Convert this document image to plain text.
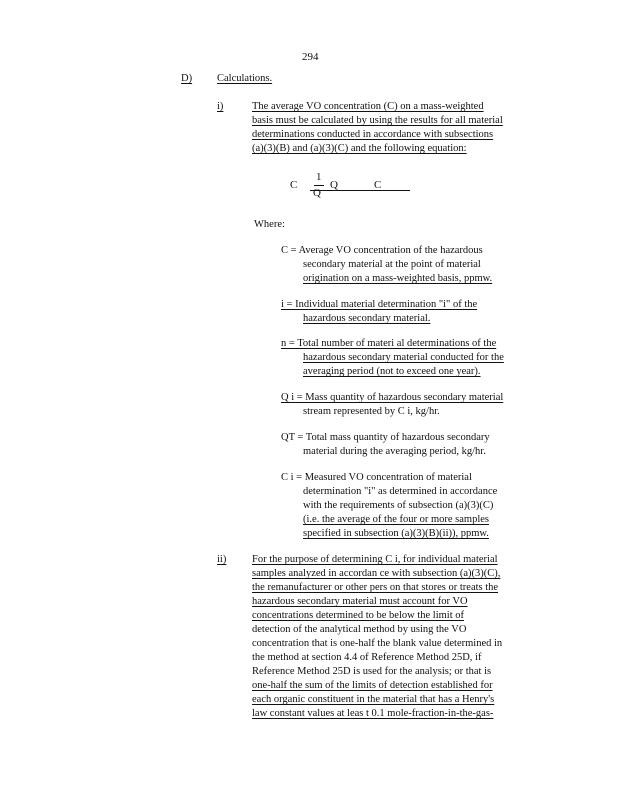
294
D) Calculations.
i)	The average VO concentration (C) on a mass-weighted

basis must be calculated by using the results for all material

determinations conducted in accordance with subsections

(a)(3)(B) and (a)(3)(C) and the following equation:

C
1
Q
Q	C
Where:
C = Average VO concentration of the hazardous
secondary material at the point of material
origination on a mass-weighted basis, ppmw.
i = Individual material determination "i" of the
hazardous secondary material.
n = Total number of materi al determinations of the
hazardous secondary material conducted for the
averaging period (not to exceed one year).
Q i = Mass quantity of hazardous secondary material
stream represented by C i, kg/hr.
QT = Total mass quantity of hazardous secondary
material during the averaging period, kg/hr.
C i = Measured VO concentration of material
determination "i" as determined in accordance
with the requirements of subsection (a)(3)(C)
(i.e. the average of the four or more samples
specified in subsection (a)(3)(B)(ii)), ppmw.
ii) For the purpose of determining C i, for individual material

samples analyzed in accordan ce with subsection (a)(3)(C),

the remanufacturer or other pers on that stores or treats the

hazardous secondary material must account for VO

concentrations determined to be below the limit of

detection of the analytical method by using the VO

concentration that is one-half the blank value determined in

the method at section 4.4 of Reference Method 25D, if

Reference Method 25D is used for the analysis; or that is

one-half the sum of the limits of detection established for

each organic constituent in the material that has a Henry's

law constant values at leas t 0.1 mole-fraction-in-the-gas-
